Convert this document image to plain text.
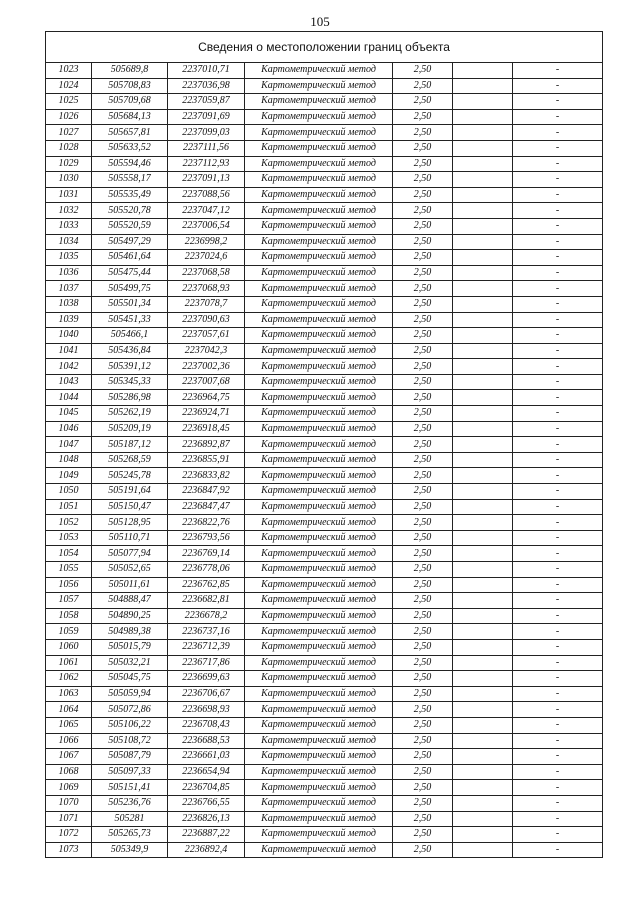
105
Сведения о местоположении границ объекта						
1023	505689,8	2237010,71	Картометрический метод	2,50		-
1024	505708,83	2237036,98	Картометрический метод	2,50		-
1025	505709,68	2237059,87	Картометрический метод	2,50		-
1026	505684,13	2237091,69	Картометрический метод	2,50		-
1027	505657,81	2237099,03	Картометрический метод	2,50		-
1028	505633,52	2237111,56	Картометрический метод	2,50		-
1029	505594,46	2237112,93	Картометрический метод	2,50		-
1030	505558,17	2237091,13	Картометрический метод	2,50		-
1031	505535,49	2237088,56	Картометрический метод	2,50		-
1032	505520,78	2237047,12	Картометрический метод	2,50		-
1033	505520,59	2237006,54	Картометрический метод	2,50		-
1034	505497,29	2236998,2	Картометрический метод	2,50		-
1035	505461,64	2237024,6	Картометрический метод	2,50		-
1036	505475,44	2237068,58	Картометрический метод	2,50		-
1037	505499,75	2237068,93	Картометрический метод	2,50		-
1038	505501,34	2237078,7	Картометрический метод	2,50		-
1039	505451,33	2237090,63	Картометрический метод	2,50		-
1040	505466,1	2237057,61	Картометрический метод	2,50		-
1041	505436,84	2237042,3	Картометрический метод	2,50		-
1042	505391,12	2237002,36	Картометрический метод	2,50		-
1043	505345,33	2237007,68	Картометрический метод	2,50		-
1044	505286,98	2236964,75	Картометрический метод	2,50		-
1045	505262,19	2236924,71	Картометрический метод	2,50		-
1046	505209,19	2236918,45	Картометрический метод	2,50		-
1047	505187,12	2236892,87	Картометрический метод	2,50		-
1048	505268,59	2236855,91	Картометрический метод	2,50		-
1049	505245,78	2236833,82	Картометрический метод	2,50		-
1050	505191,64	2236847,92	Картометрический метод	2,50		-
1051	505150,47	2236847,47	Картометрический метод	2,50		-
1052	505128,95	2236822,76	Картометрический метод	2,50		-
1053	505110,71	2236793,56	Картометрический метод	2,50		-
1054	505077,94	2236769,14	Картометрический метод	2,50		-
1055	505052,65	2236778,06	Картометрический метод	2,50		-
1056	505011,61	2236762,85	Картометрический метод	2,50		-
1057	504888,47	2236682,81	Картометрический метод	2,50		-
1058	504890,25	2236678,2	Картометрический метод	2,50		-
1059	504989,38	2236737,16	Картометрический метод	2,50		-
1060	505015,79	2236712,39	Картометрический метод	2,50		-
1061	505032,21	2236717,86	Картометрический метод	2,50		-
1062	505045,75	2236699,63	Картометрический метод	2,50		-
1063	505059,94	2236706,67	Картометрический метод	2,50		-
1064	505072,86	2236698,93	Картометрический метод	2,50		-
1065	505106,22	2236708,43	Картометрический метод	2,50		-
1066	505108,72	2236688,53	Картометрический метод	2,50		-
1067	505087,79	2236661,03	Картометрический метод	2,50		-
1068	505097,33	2236654,94	Картометрический метод	2,50		-
1069	505151,41	2236704,85	Картометрический метод	2,50		-
1070	505236,76	2236766,55	Картометрический метод	2,50		-
1071	505281	2236826,13	Картометрический метод	2,50		-
1072	505265,73	2236887,22	Картометрический метод	2,50		-
1073	505349,9	2236892,4	Картометрический метод	2,50		-
